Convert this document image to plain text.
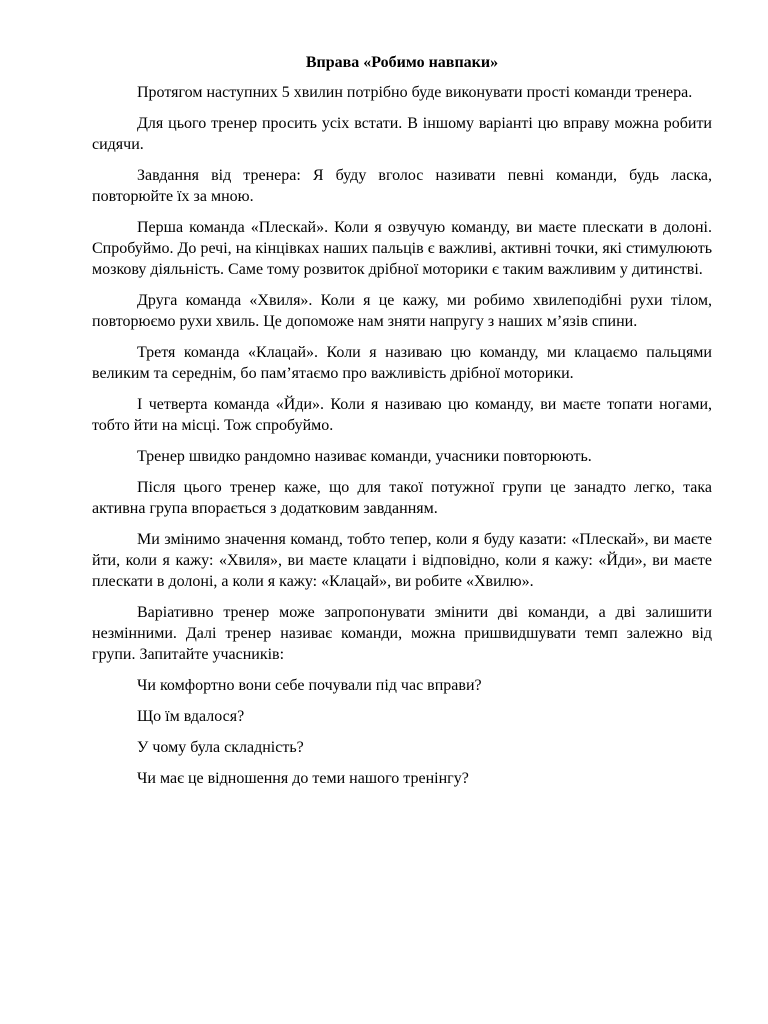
Вправа «Робимо навпаки»

Протягом наступних 5 хвилин потрібно буде виконувати прості команди тренера.

Для цього тренер просить усіх встати. В іншому варіанті цю вправу можна робити сидячи.

Завдання від тренера: Я буду вголос називати певні команди, будь ласка, повторюйте їх за мною.

Перша команда «Плескай». Коли я озвучую команду, ви маєте плескати в долоні. Спробуймо. До речі, на кінцівках наших пальців є важливі, активні точки, які стимулюють мозкову діяльність. Саме тому розвиток дрібної моторики є таким важливим у дитинстві.

Друга команда «Хвиля». Коли я це кажу, ми робимо хвилеподібні рухи тілом, повторюємо рухи хвиль. Це допоможе нам зняти напругу з наших м’язів спини.

Третя команда «Клацай». Коли я називаю цю команду, ми клацаємо пальцями великим та середнім, бо пам’ятаємо про важливість дрібної моторики.

І четверта команда «Йди». Коли я називаю цю команду, ви маєте топати ногами, тобто йти на місці. Тож спробуймо.

Тренер швидко рандомно називає команди, учасники повторюють.

Після цього тренер каже, що для такої потужної групи це занадто легко, така активна група впорається з додатковим завданням.

Ми змінимо значення команд, тобто тепер, коли я буду казати: «Плескай», ви маєте йти, коли я кажу: «Хвиля», ви маєте клацати і відповідно, коли я кажу: «Йди», ви маєте плескати в долоні, а коли я кажу: «Клацай», ви робите «Хвилю».

Варіативно тренер може запропонувати змінити дві команди, а дві залишити незмінними. Далі тренер називає команди, можна пришвидшувати темп залежно від групи. Запитайте учасників:

Чи комфортно вони себе почували під час вправи?

Що їм вдалося?

У чому була складність?

Чи має це відношення до теми нашого тренінгу?
